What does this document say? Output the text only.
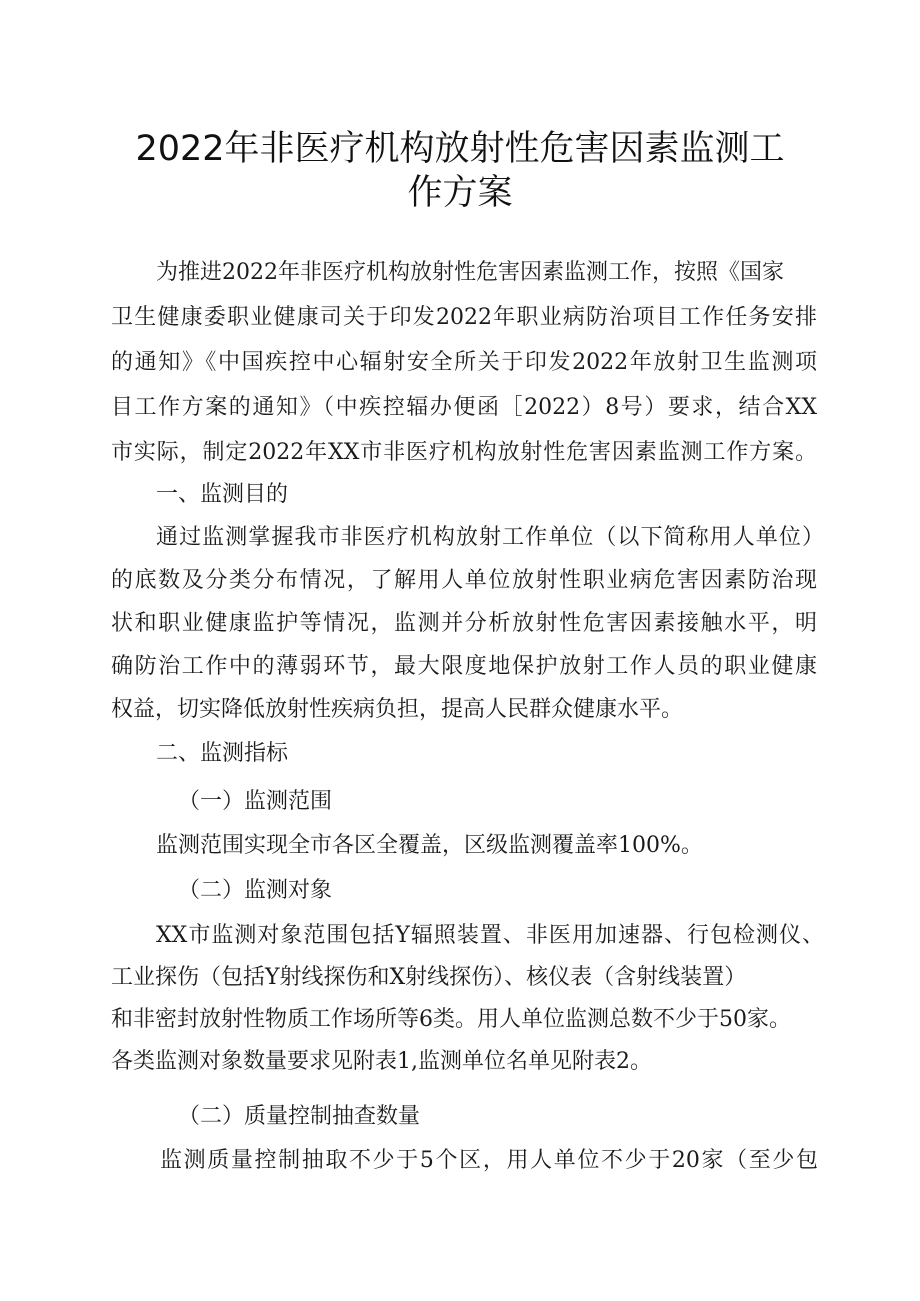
2022年非医疗机构放射性危害因素监测工
作方案

为推进2022年非医疗机构放射性危害因素监测工作，按照《国家

卫生健康委职业健康司关于印发2022年职业病防治项目工作任务安排

的通知》《中国疾控中心辐射安全所关于印发2022年放射卫生监测项

目工作方案的通知》（中疾控辐办便函［2022）8号）要求，结合XX

市实际，制定2022年XX市非医疗机构放射性危害因素监测工作方案。

一、监测目的

通过监测掌握我市非医疗机构放射工作单位（以下简称用人单位）

的底数及分类分布情况，了解用人单位放射性职业病危害因素防治现

状和职业健康监护等情况，监测并分析放射性危害因素接触水平，明

确防治工作中的薄弱环节，最大限度地保护放射工作人员的职业健康

权益，切实降低放射性疾病负担，提高人民群众健康水平。

二、监测指标

（一）监测范围

监测范围实现全市各区全覆盖，区级监测覆盖率100%。

（二）监测对象

XX市监测对象范围包括Y辐照装置、非医用加速器、行包检测仪、

工业探伤（包括Y射线探伤和X射线探伤）、核仪表（含射线装置）

和非密封放射性物质工作场所等6类。用人单位监测总数不少于50家。

各类监测对象数量要求见附表1,监测单位名单见附表2。

（二）质量控制抽查数量

监测质量控制抽取不少于5个区，用人单位不少于20家（至少包
